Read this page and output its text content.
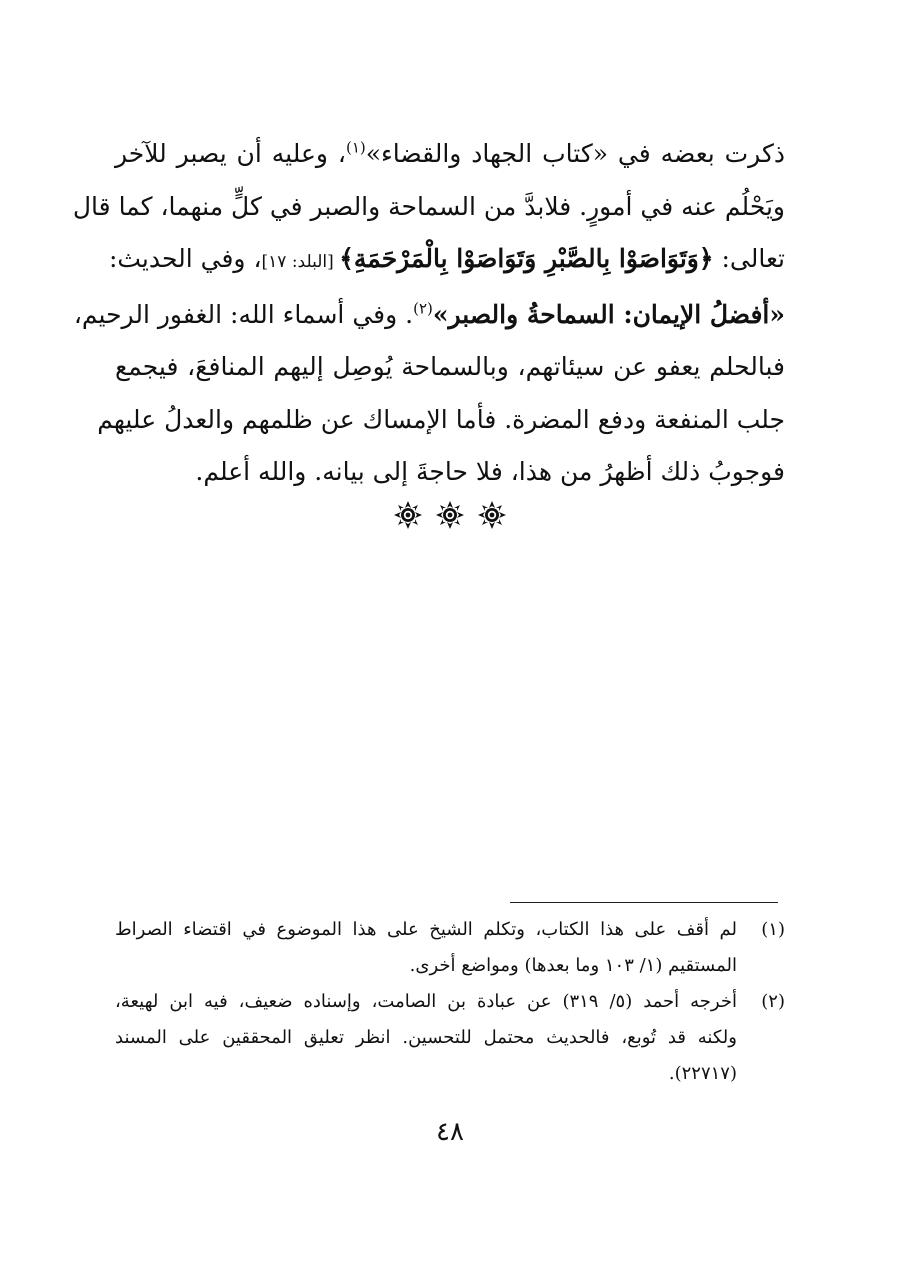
ذكرت بعضه في «كتاب الجهاد والقضاء»$^{(١)}$، وعليه أن يصبر للآخر
ويَحْلُم عنه في أمورٍ. فلابدَّ من السماحة والصبر في كلٍّ منهما، كما قال
تعالى: ﴿وَتَوَاصَوْا بِالصَّبْرِ وَتَوَاصَوْا بِالْمَرْحَمَةِ﴾ [البلد: ١٧]، وفي الحديث:
«أفضلُ الإيمان: السماحةُ والصبر»$^{(٢)}$. وفي أسماء الله: الغفور الرحيم،
فبالحلم يعفو عن سيئاتهم، وبالسماحة يُوصِل إليهم المنافعَ، فيجمع
جلب المنفعة ودفع المضرة. فأما الإمساك عن ظلمهم والعدلُ عليهم
فوجوبُ ذلك أظهرُ من هذا، فلا حاجةَ إلى بيانه. والله أعلم.
(١)
لم أقف على هذا الكتاب، وتكلم الشيخ على هذا الموضوع في اقتضاء الصراط
المستقيم (١/ ١٠٣ وما بعدها) ومواضع أخرى.
(٢)
أخرجه أحمد (٥/ ٣١٩) عن عبادة بن الصامت، وإسناده ضعيف، فيه ابن لهيعة،
ولكنه قد تُوبع، فالحديث محتمل للتحسين. انظر تعليق المحققين على المسند
(٢٢٧١٧).
٤٨
